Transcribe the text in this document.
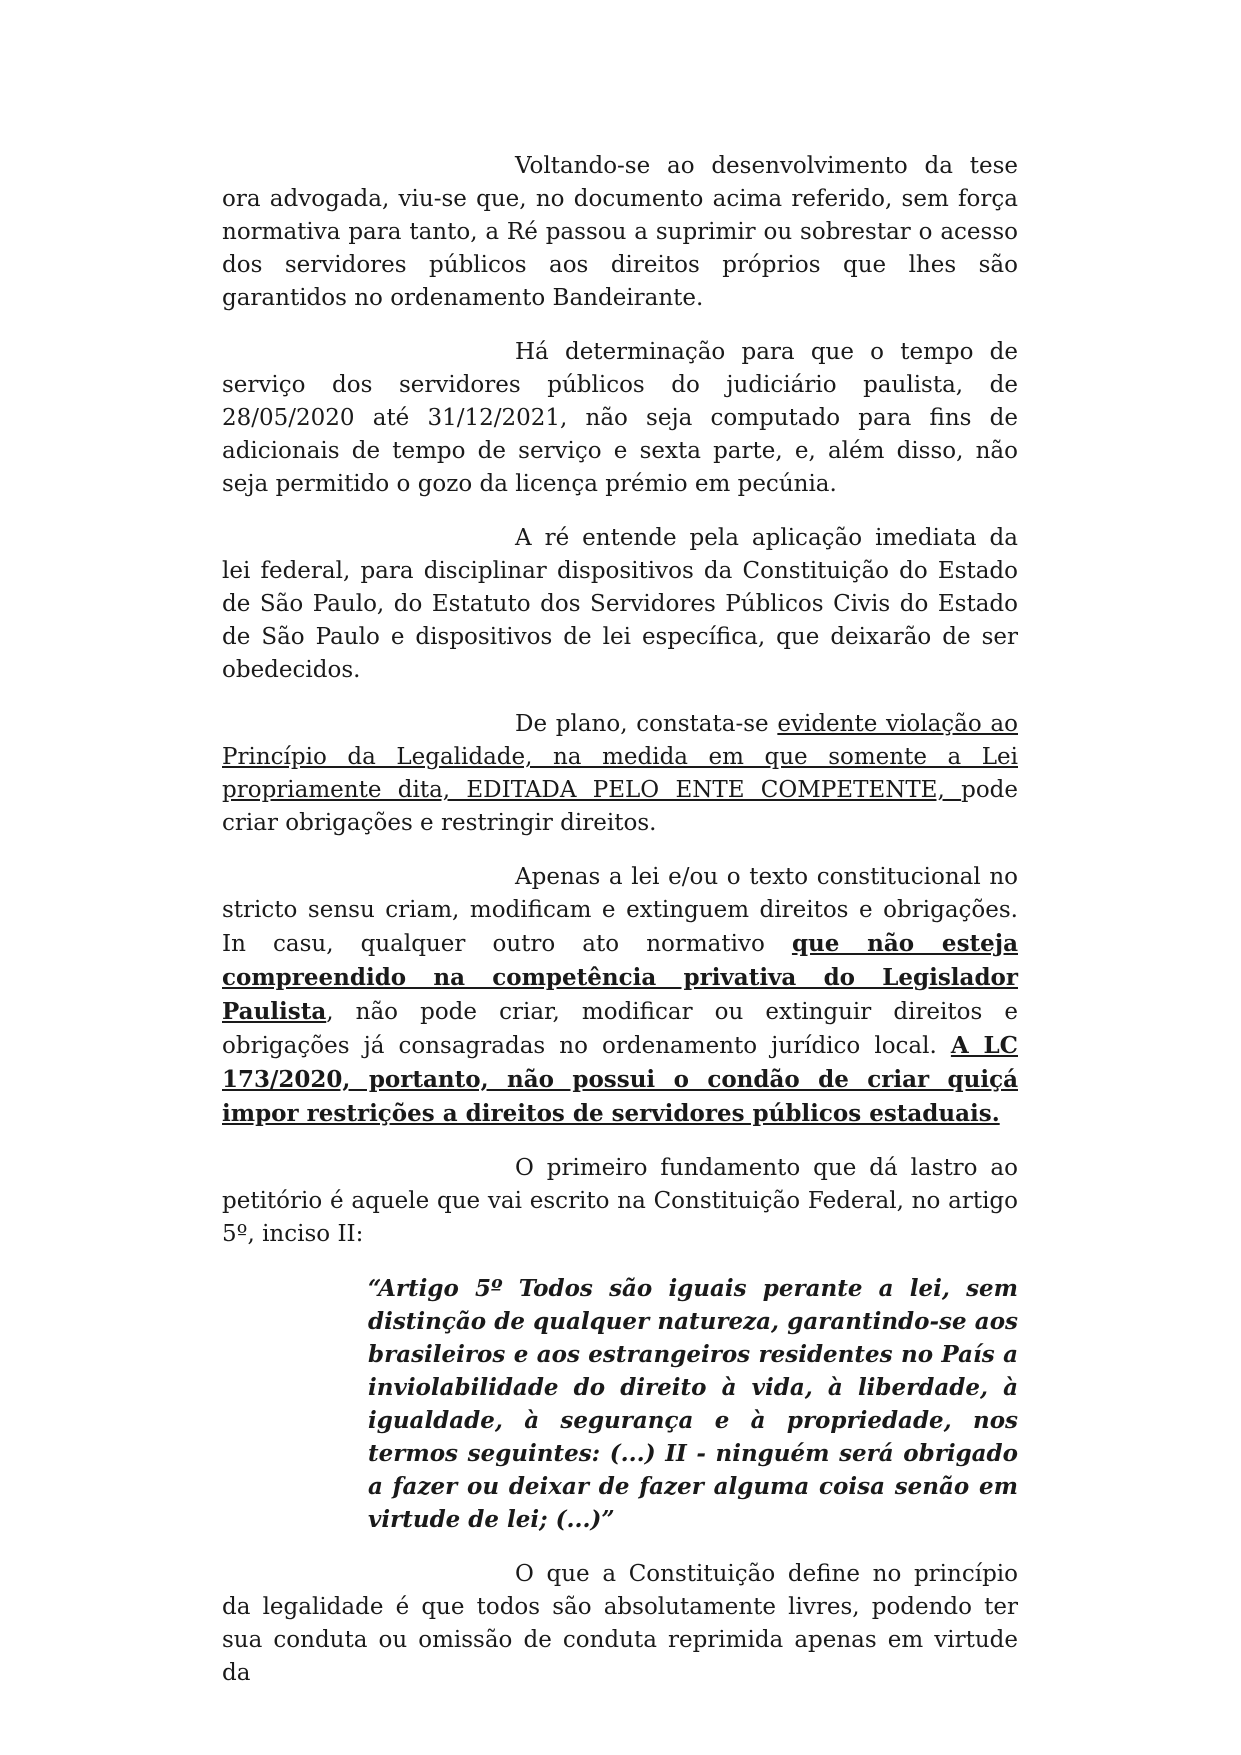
Voltando-se ao desenvolvimento da tese ora advogada, viu-se que, no documento acima referido, sem força normativa para tanto, a Ré passou a suprimir ou sobrestar o acesso dos servidores públicos aos direitos próprios que lhes são garantidos no ordenamento Bandeirante.

Há determinação para que o tempo de serviço dos servidores públicos do judiciário paulista, de 28/05/2020 até 31/12/2021, não seja computado para fins de adicionais de tempo de serviço e sexta parte, e, além disso, não seja permitido o gozo da licença prémio em pecúnia.

A ré entende pela aplicação imediata da lei federal, para disciplinar dispositivos da Constituição do Estado de São Paulo, do Estatuto dos Servidores Públicos Civis do Estado de São Paulo e dispositivos de lei específica, que deixarão de ser obedecidos.

De plano, constata-se evidente violação ao Princípio da Legalidade, na medida em que somente a Lei propriamente dita, EDITADA PELO ENTE COMPETENTE, pode criar obrigações e restringir direitos.

Apenas a lei e/ou o texto constitucional no stricto sensu criam, modificam e extinguem direitos e obrigações. In casu, qualquer outro ato normativo que não esteja compreendido na competência privativa do Legislador Paulista, não pode criar, modificar ou extinguir direitos e obrigações já consagradas no ordenamento jurídico local. A LC 173/2020, portanto, não possui o condão de criar quiçá impor restrições a direitos de servidores públicos estaduais.

O primeiro fundamento que dá lastro ao petitório é aquele que vai escrito na Constituição Federal, no artigo 5º, inciso II:

“Artigo 5º Todos são iguais perante a lei, sem distinção de qualquer natureza, garantindo-se aos brasileiros e aos estrangeiros residentes no País a inviolabilidade do direito à vida, à liberdade, à igualdade, à segurança e à propriedade, nos termos seguintes: (...) II - ninguém será obrigado a fazer ou deixar de fazer alguma coisa senão em virtude de lei; (...)”

O que a Constituição define no princípio da legalidade é que todos são absolutamente livres, podendo ter sua conduta ou omissão de conduta reprimida apenas em virtude da
